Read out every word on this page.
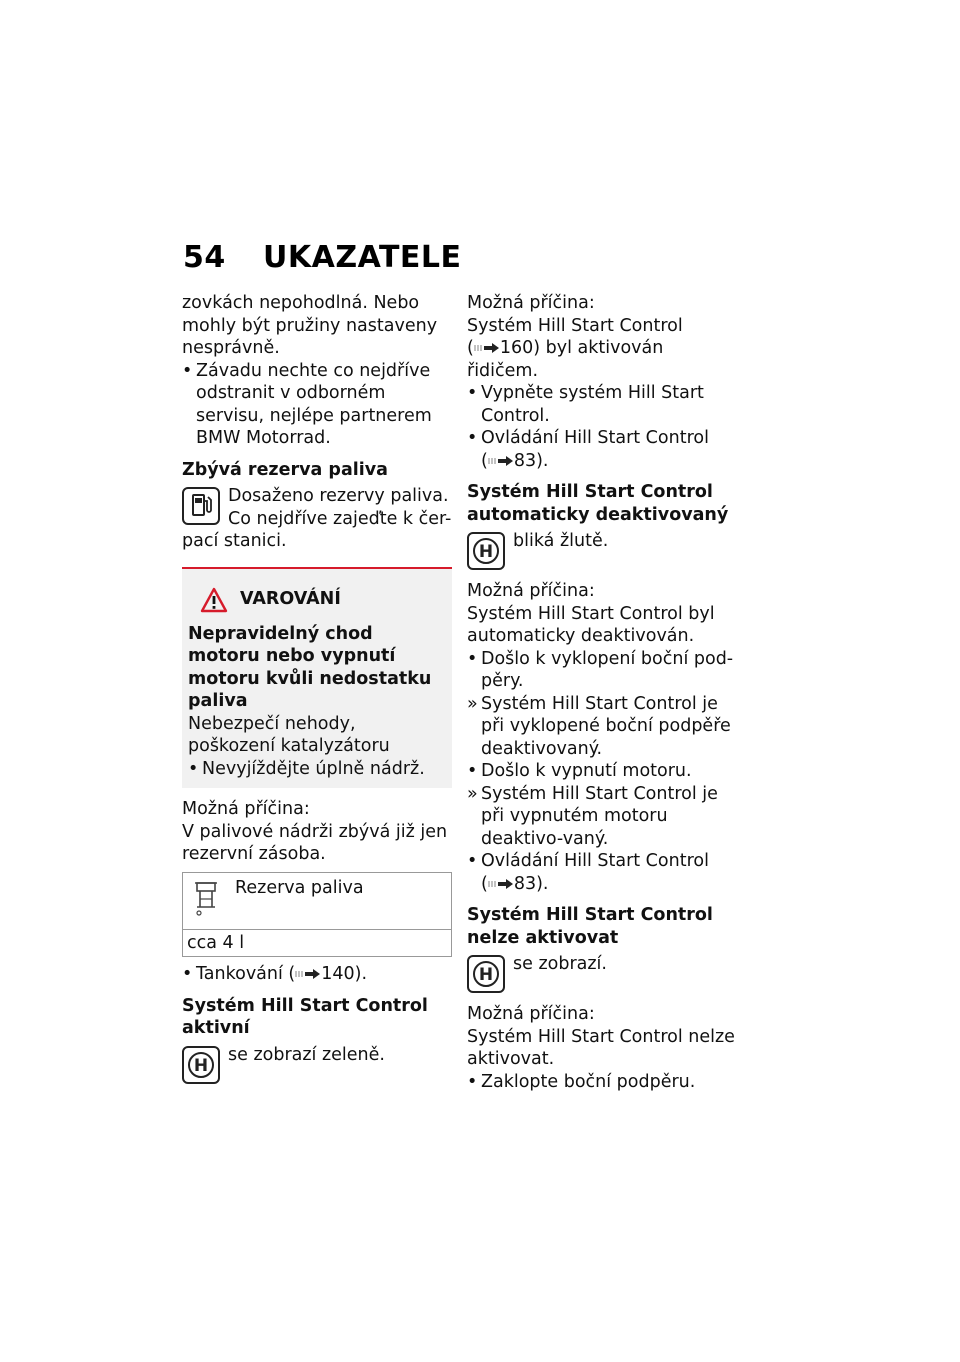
54 UKAZATELE

zovkách nepohodlná. Nebo mohly být pružiny nastaveny nesprávně.

• Závadu nechte co nejdříve odstranit v odborném servisu, nejlépe partnerem BMW Motorrad.

Zbývá rezerva paliva

Dosaženo rezervy paliva.

Co nejdříve zajeďte k čer-

pací stanici.

VAROVÁNÍ

Nepravidelný chod motoru nebo vypnutí motoru kvůli nedostatku paliva

Nebezpečí nehody, poškození katalyzátoru

• Nevyjíždějte úplně nádrž.

Možná příčina:

V palivové nádrži zbývá již jen rezervní zásoba.

Rezerva paliva
cca 4 l

• Tankování ( 140).

Systém Hill Start Control aktivní

H

se zobrazí zeleně.

Možná příčina:

Systém Hill Start Control

( 160) byl aktivován řidičem.

• Vypněte systém Hill Start Control.

• Ovládání Hill Start Control
( 83).

Systém Hill Start Control automaticky deaktivovaný

H

bliká žlutě.

Možná příčina:

Systém Hill Start Control byl automaticky deaktivován.

• Došlo k vyklopení boční pod-pěry.

» Systém Hill Start Control je při vyklopené boční podpěře deaktivovaný.

• Došlo k vypnutí motoru.

» Systém Hill Start Control je při vypnutém motoru deaktivo-vaný.

• Ovládání Hill Start Control
( 83).

Systém Hill Start Control nelze aktivovat

H

se zobrazí.

Možná příčina:

Systém Hill Start Control nelze aktivovat.

• Zaklopte boční podpěru.
